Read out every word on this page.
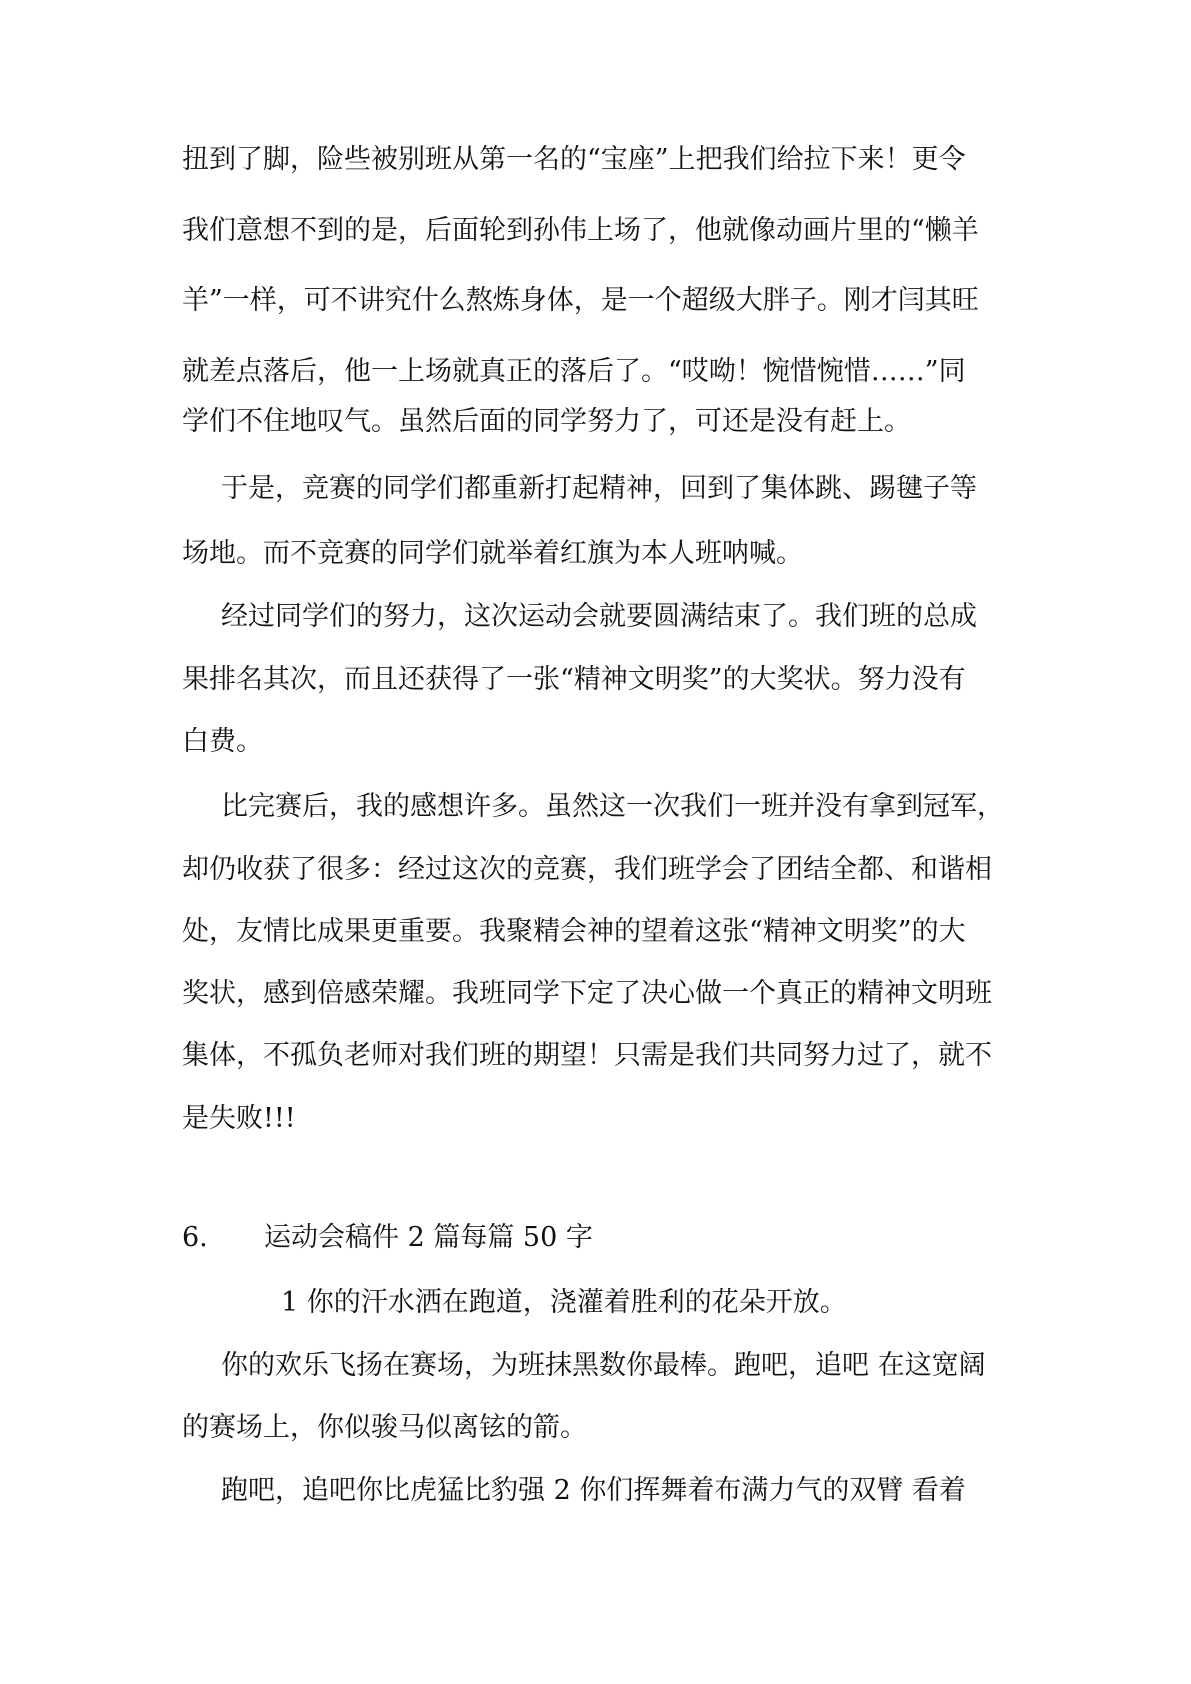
扭到了脚，险些被别班从第一名的“宝座”上把我们给拉下来！更令
我们意想不到的是，后面轮到孙伟上场了，他就像动画片里的“懒羊
羊”一样，可不讲究什么熬炼身体，是一个超级大胖子。刚才闫其旺
就差点落后，他一上场就真正的落后了。“哎呦！惋惜惋惜……”同
学们不住地叹气。虽然后面的同学努力了，可还是没有赶上。
于是，竞赛的同学们都重新打起精神，回到了集体跳、踢毽子等
场地。而不竞赛的同学们就举着红旗为本人班呐喊。
经过同学们的努力，这次运动会就要圆满结束了。我们班的总成
果排名其次，而且还获得了一张“精神文明奖”的大奖状。努力没有
白费。
比完赛后，我的感想许多。虽然这一次我们一班并没有拿到冠军，
却仍收获了很多：经过这次的竞赛，我们班学会了团结全都、和谐相
处，友情比成果更重要。我聚精会神的望着这张“精神文明奖”的大
奖状，感到倍感荣耀。我班同学下定了决心做一个真正的精神文明班
集体，不孤负老师对我们班的期望！只需是我们共同努力过了，就不
是失败!!!
6. 运动会稿件 2 篇每篇 50 字
1 你的汗水洒在跑道，浇灌着胜利的花朵开放。
你的欢乐飞扬在赛场，为班抹黑数你最棒。跑吧，追吧 在这宽阔
的赛场上，你似骏马似离铉的箭。
跑吧，追吧你比虎猛比豹强 2 你们挥舞着布满力气的双臂 看着
